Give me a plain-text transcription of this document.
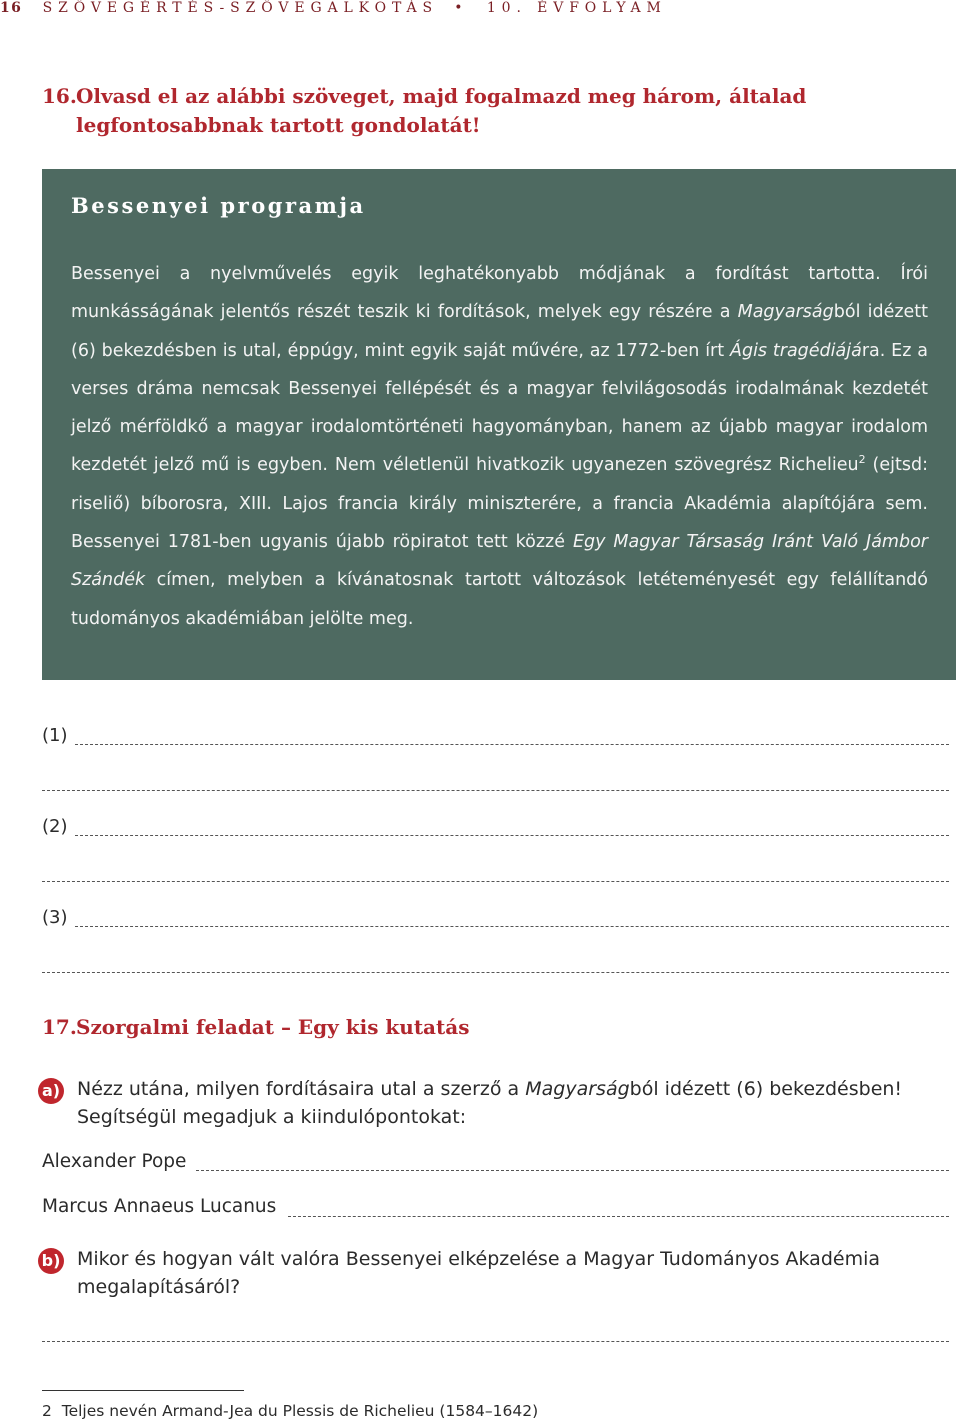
16 SZÖVEGÉRTÉS-SZÖVEGALKOTÁS • 10. ÉVFOLYAM
16. Olvasd el az alábbi szöveget, majd fogalmazd meg három, általad legfontosabbnak tartott gondolatát!
Bessenyei programja
Bessenyei a nyelvművelés egyik leghatékonyabb módjának a fordítást tartotta. Írói munkásságának jelentős részét teszik ki fordítások, melyek egy részére a Magyarságból idézett (6) bekezdésben is utal, éppúgy, mint egyik saját művére, az 1772-ben írt Ágis tragédiájára. Ez a verses dráma nemcsak Bessenyei fellépését és a magyar felvilágosodás irodalmának kezdetét jelző mérföldkő a magyar irodalomtörténeti hagyományban, hanem az újabb magyar irodalom kezdetét jelző mű is egyben. Nem véletlenül hivatkozik ugyanezen szövegrész Richelieu$^2$ (ejtsd: riseliő) bíborosra, XIII. Lajos francia király miniszterére, a francia Akadémia alapítójára sem. Bessenyei 1781-ben ugyanis újabb röpiratot tett közzé Egy Magyar Társaság Iránt Való Jámbor Szándék címen, melyben a kívánatosnak tartott változások letéteményesét egy felállítandó tudományos akadémiában jelölte meg.
(1)
(2)
(3)
17. Szorgalmi feladat – Egy kis kutatás
a) Nézz utána, milyen fordításaira utal a szerző a Magyarságból idézett (6) bekezdésben! Segítségül megadjuk a kiindulópontokat:
Alexander Pope
Marcus Annaeus Lucanus
b) Mikor és hogyan vált valóra Bessenyei elképzelése a Magyar Tudományos Akadémia megalapításáról?
2 Teljes nevén Armand-Jea du Plessis de Richelieu (1584–1642)
